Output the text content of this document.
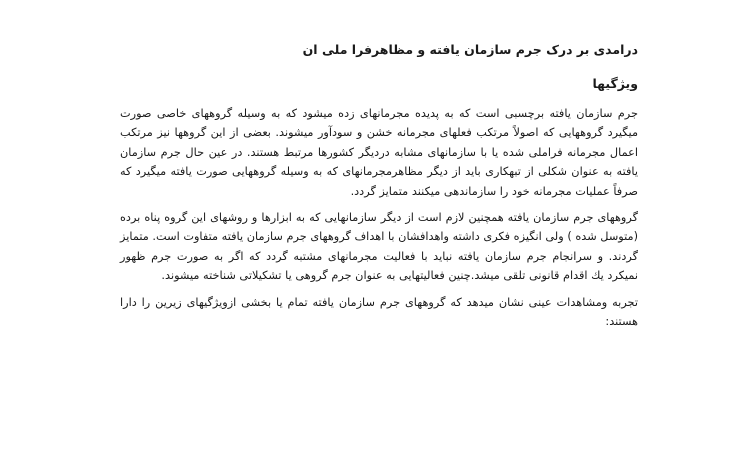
درامدی بر درک جرم سازمان یافته و مظاهرفرا ملی ان

ویژگیها

جرم سازمان یافته برچسبی است که به پدیده مجرمانهای زده میشود که به وسیله گروههای خاصی صورت میگیرد گروههایی که اصولاً مرتکب فعلهای مجرمانه خشن و سودآور میشوند. بعضی از این گروهها نیز مرتکب اعمال مجرمانه فراملی شده یا با سازمانهای مشابه دردیگر کشورها مرتبط هستند. در عین حال جرم سازمان یافته به عنوان شکلی از تبهکاری باید از دیگر مظاهرمجرمانهای که به وسیله گروههایی صورت یافته میگیرد که صرفاً عملیات مجرمانه خود را سازماندهی میکنند متمایز گردد.

گروههای جرم سازمان یافته همچنین لازم است از دیگر سازمانهایی که به ابزارها و روشهای این گروه پناه برده (متوسل شده ) ولی انگیزه فکری داشته واهدافشان با اهداف گروههای جرم سازمان یافته متفاوت است. متمایز گردند. و سرانجام جرم سازمان یافته نباید با فعالیت مجرمانهای مشتبه گردد که اگر به صورت جرم ظهور نمیکرد یك اقدام قانونی تلقی میشد.چنین فعالیتهایی به عنوان جرم گروهی یا تشکیلاتی شناخته میشوند.

تجربه ومشاهدات عینی نشان میدهد که گروههای جرم سازمان یافته تمام یا بخشی ازویژگیهای زیرین را دارا هستند:
